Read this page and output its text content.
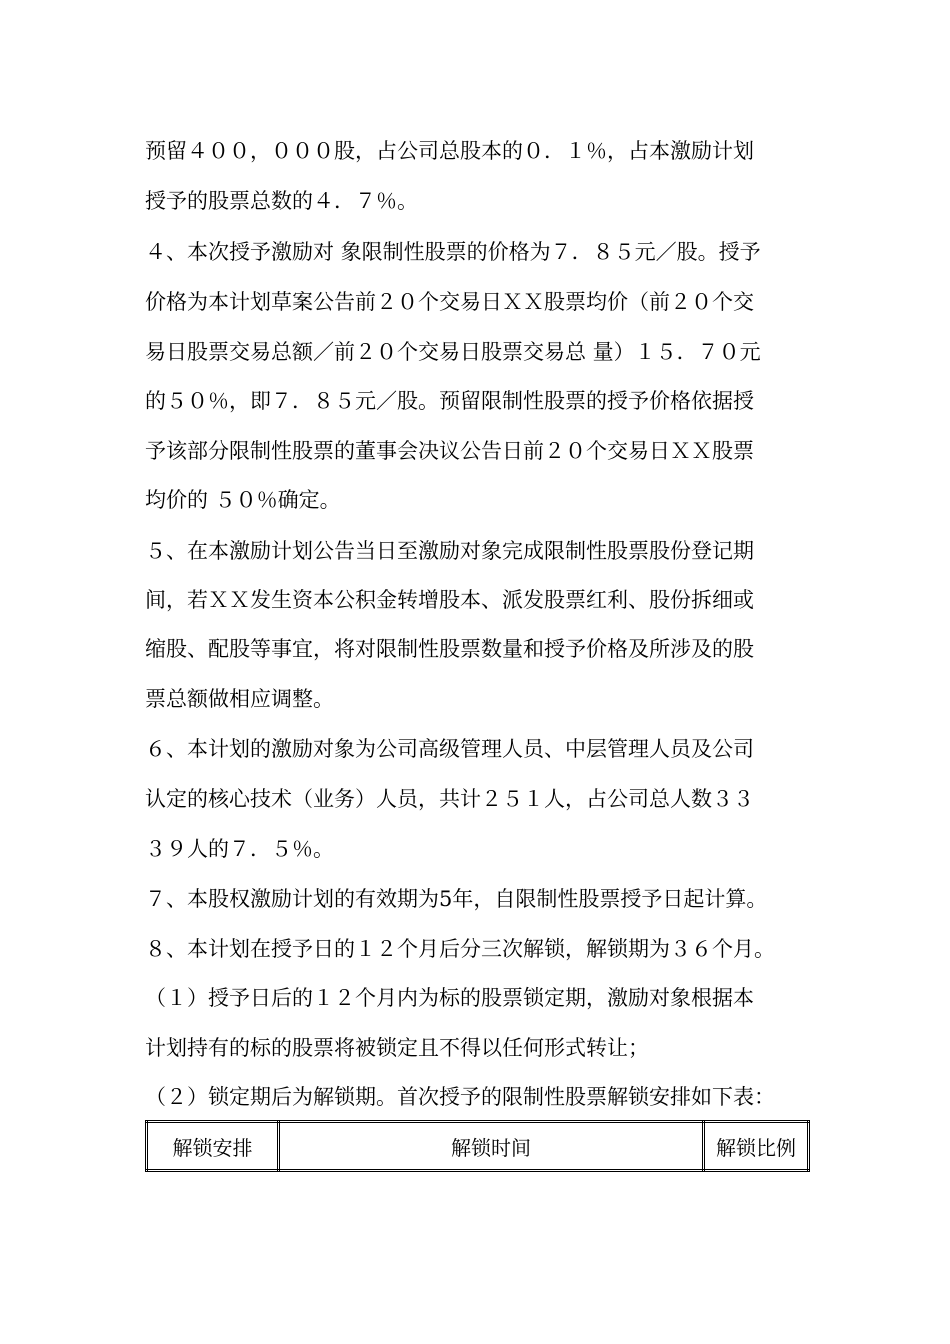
预留４００，０００股，占公司总股本的０．１％，占本激励计划
授予的股票总数的４．７％。
４、本次授予激励对 象限制性股票的价格为７．８５元／股。授予
价格为本计划草案公告前２０个交易日ＸＸ股票均价（前２０个交
易日股票交易总额／前２０个交易日股票交易总 量）１５．７０元
的５０％，即７．８５元／股。预留限制性股票的授予价格依据授
予该部分限制性股票的董事会决议公告日前２０个交易日ＸＸ股票
均价的 ５０％确定。
５、在本激励计划公告当日至激励对象完成限制性股票股份登记期
间，若ＸＸ发生资本公积金转增股本、派发股票红利、股份拆细或
缩股、配股等事宜，将对限制性股票数量和授予价格及所涉及的股
票总额做相应调整。
６、本计划的激励对象为公司高级管理人员、中层管理人员及公司
认定的核心技术（业务）人员，共计２５１人，占公司总人数３３
３９人的７．５％。
７、本股权激励计划的有效期为5年，自限制性股票授予日起计算。
８、本计划在授予日的１２个月后分三次解锁，解锁期为３６个月。
（１）授予日后的１２个月内为标的股票锁定期，激励对象根据本
计划持有的标的股票将被锁定且不得以任何形式转让；
（２）锁定期后为解锁期。首次授予的限制性股票解锁安排如下表：
解锁安排	解锁时间	解锁比例
